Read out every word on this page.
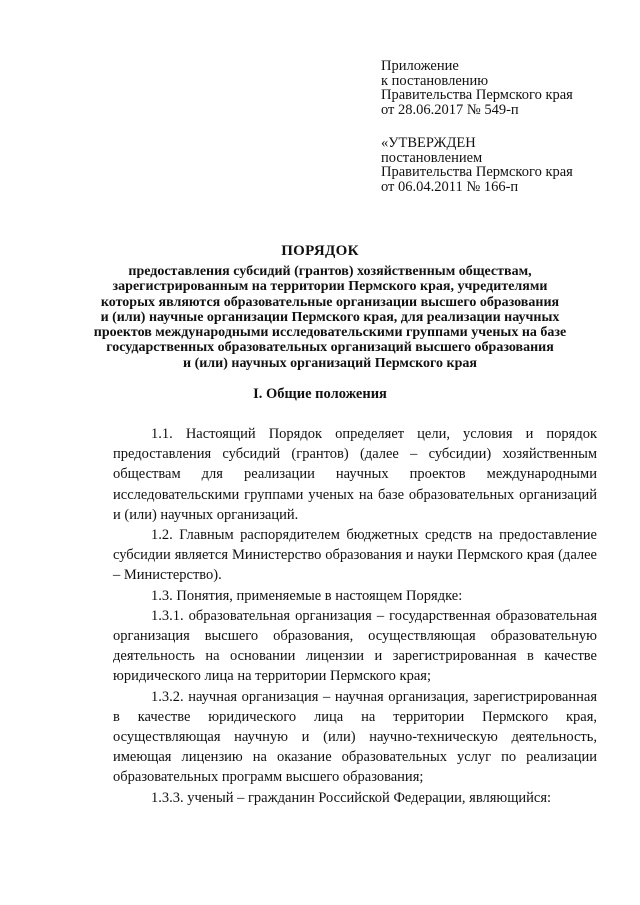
Приложение
к постановлению
Правительства Пермского края
от 28.06.2017 № 549-п
«УТВЕРЖДЕН
постановлением
Правительства Пермского края
от 06.04.2011 № 166-п
ПОРЯДОК
предоставления субсидий (грантов) хозяйственным обществам,
зарегистрированным на территории Пермского края, учредителями
которых являются образовательные организации высшего образования
и (или) научные организации Пермского края, для реализации научных
проектов международными исследовательскими группами ученых на базе
государственных образовательных организаций высшего образования
и (или) научных организаций Пермского края
I. Общие положения

1.1. Настоящий Порядок определяет цели, условия и порядок предоставления субсидий (грантов) (далее – субсидии) хозяйственным обществам для реализации научных проектов международными исследовательскими группами ученых на базе образовательных организаций и (или) научных организаций.

1.2. Главным распорядителем бюджетных средств на предоставление субсидии является Министерство образования и науки Пермского края (далее – Министерство).

1.3. Понятия, применяемые в настоящем Порядке:

1.3.1. образовательная организация – государственная образовательная организация высшего образования, осуществляющая образовательную деятельность на основании лицензии и зарегистрированная в качестве юридического лица на территории Пермского края;

1.3.2. научная организация – научная организация, зарегистрированная в качестве юридического лица на территории Пермского края, осуществляющая научную и (или) научно-техническую деятельность, имеющая лицензию на оказание образовательных услуг по реализации образовательных программ высшего образования;

1.3.3. ученый – гражданин Российской Федерации, являющийся:
